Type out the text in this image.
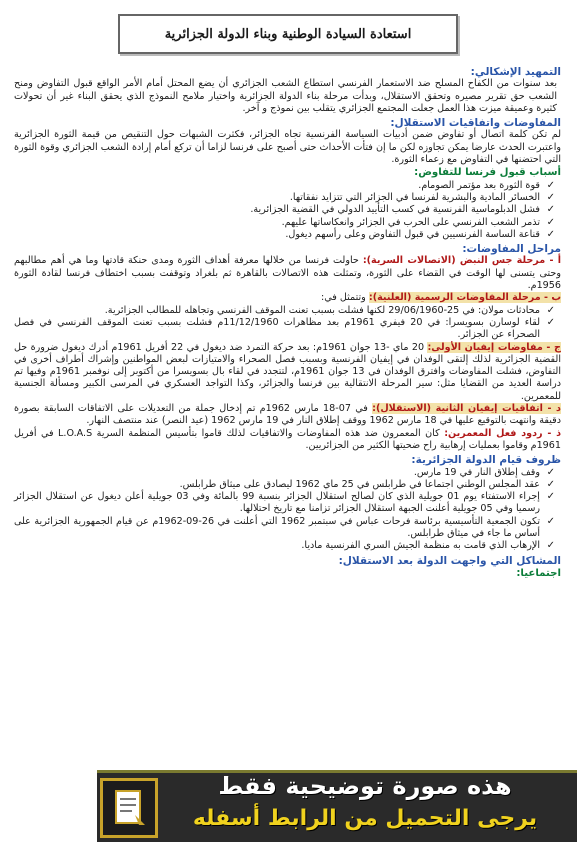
استعادة السيادة الوطنية وبناء الدولة الجزائرية
التمهيد الإشكالي:

بعد سنوات من الكفاح المسلح ضد الاستعمار الفرنسي استطاع الشعب الجزائري أن يضع المحتل أمام الأمر الواقع قبول التفاوض ومنح الشعب حق تقرير مصيره وتحقق الاستقلال، وبدأت مرحلة بناء الدولة الجزائرية واختيار ملامح النموذج الذي يحقق البناء غير أن تحولات كثيرة وعميقة ميزت هذا العمل جعلت المجتمع الجزائري يتقلب بين نموذج و آخر.

المفاوضات واتفاقيات الاستقلال:

لم تكن كلمة اتصال أو تفاوض ضمن أدبيات السياسة الفرنسية تجاه الجزائر، فكثرت الشبهات حول التنقيص من قيمة الثورة الجزائرية واعتبرت الحدث عارضا يمكن تجاوزه لكن ما إن فتأت الأحداث حتى أصبح على فرنسا لزاما أن تركع أمام إرادة الشعب الجزائري وقوة الثورة التي احتضنها في التفاوض مع زعماء الثورة.

أسباب قبول فرنسا للتفاوض:
✓ قوة الثورة بعد مؤتمر الصومام.
✓ الخسائر المادية والبشرية لفرنسا في الجزائر التي تتزايد نفقاتها.
✓ فشل الدبلوماسية الفرنسية في كسب التأييد الدولي في القضية الجزائرية.
✓ تذمر الشعب الفرنسي على الحرب في الجزائر وانعكاساتها عليهم.
✓ قناعة الساسة الفرنسيين في قبول التفاوض وعلى رأسهم ديغول.
مراحل المفاوضات:

أ - مرحلة جس النبض (الاتصالات السرية): حاولت فرنسا من خلالها معرفة أهداف الثورة ومدى حنكة قادتها وما هي أهم مطالبهم وحتى يتسنى لها الوقت في القضاء على الثورة، وتمثلت هذه الاتصالات بالقاهرة ثم بلغراد وتوقفت بسبب اختطاف فرنسا لقادة الثورة 1956م.

ب - مرحلة المفاوضات الرسمية (العلنية): وتتمثل في:

✓ محادثات مولان: في 25-29/06/1960 لكنها فشلت بسبب تعنت الموقف الفرنسي وتجاهله للمطالب الجزائرية.
✓ لقاء لوسارن بسويسرا: في 20 فيفري 1961م بعد مظاهرات 11/12/1960م فشلت بسبب تعنت الموقف الفرنسي في فصل الصحراء عن الجزائر.

ج - مفاوضات إيفيان الأولى: 20 ماي -13 جوان 1961م: بعد حركة التمرد ضد ديغول في 22 أفريل 1961م أدرك ديغول ضرورة حل القضية الجزائرية لذلك إلتقى الوفدان في إيفيان الفرنسية وبسبب فصل الصحراء والامتيازات لبعض المواطنين وإشراك أطراف أخرى في التفاوض، فشلت المفاوضات وافترق الوفدان في 13 جوان 1961م، لتتجدد في لقاء بال بسويسرا من أكتوبر إلى نوفمبر 1961م وفيها تم دراسة العديد من القضايا مثل: سير المرحلة الانتقالية بين فرنسا والجزائر، وكذا التواجد العسكري في المرسى الكبير ومسألة الجنسية للمعمرين.

د - اتفاقيات إيفيان الثانية (الاستقلال): في 07-18 مارس 1962م تم إدخال جملة من التعديلات على الاتفاقات السابقة بصورة دقيقة وانتهت بالتوقيع عليها في 18 مارس 1962 ووقف إطلاق النار في 19 مارس 1962 (عيد النصر) عند منتصف النهار.

ذ - ردود فعل المعمرين: كان المعمرون ضد هذه المفاوضات والاتفاقيات لذلك قاموا بتأسيس المنظمة السرية L.O.A.S في أفريل 1961م وقاموا بعمليات إرهابية راح ضحيتها الكثير من الجزائريين.

ظروف قيام الدولة الجزائرية:
✓ وقف إطلاق النار في 19 مارس.
✓ عقد المجلس الوطني اجتماعا في طرابلس في 25 ماي 1962 ليصادق على ميثاق طرابلس.
✓ إجراء الاستفتاء يوم 01 جويلية الذي كان لصالح استقلال الجزائر بنسبة 99 بالمائة وفي 03 جويلية أعلن ديغول عن استقلال الجزائر رسميا وفي 05 جويلية أعلنت الجبهة استقلال الجزائر تزامنا مع تاريخ احتلالها.
✓ تكون الجمعية التأسيسية برئاسة فرحات عباس في سبتمبر 1962 التي أعلنت في 26-09-1962م عن قيام الجمهورية الجزائرية على أساس ما جاء في ميثاق طرابلس.
✓ الإرهاب الذي قامت به منظمة الجيش السري الفرنسية ماديا.
المشاكل التي واجهت الدولة بعد الاستقلال:
اجتماعيا:
هذه صورة توضيحية فقط
يرجى التحميل من الرابط أسفله
